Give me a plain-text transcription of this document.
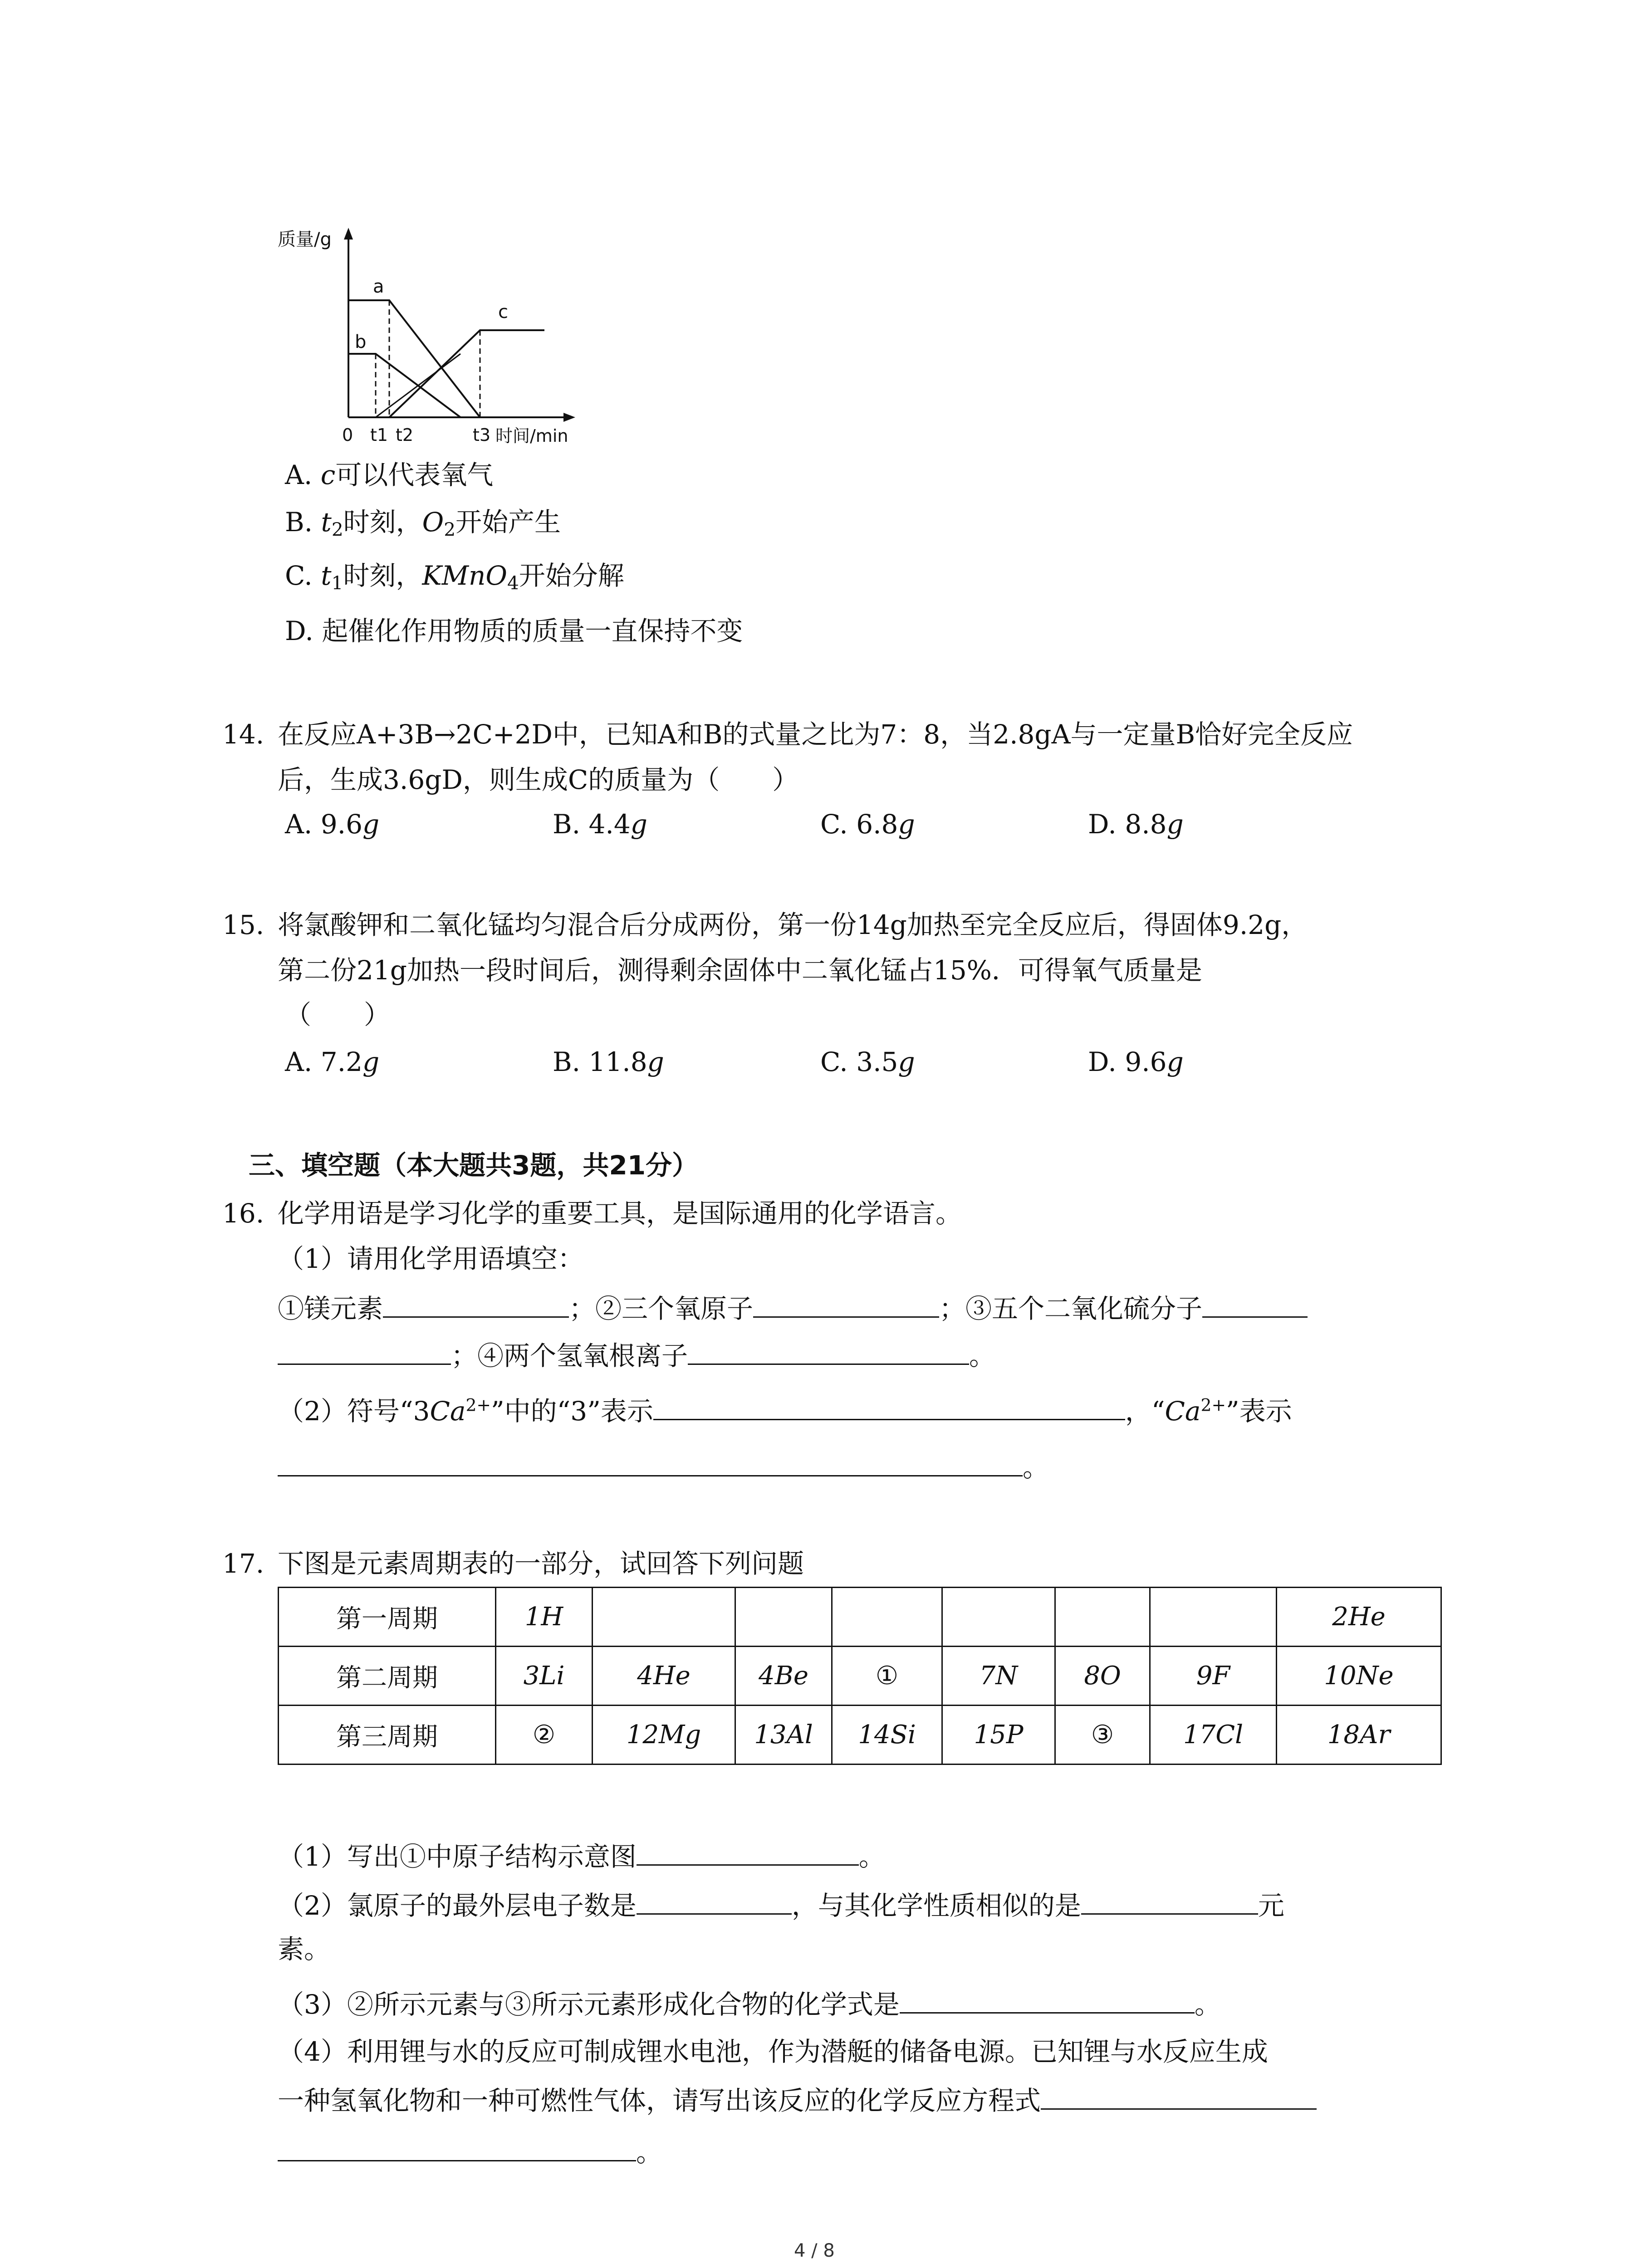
质量/g
a
b
c
0 t1 t2	t3 时间/min
A. c可以代表氧气
B. $t_2$时刻，$O_2$开始产生
C. $t_1$时刻，KMnO$_4$开始分解
D. 起催化作用物质的质量一直保持不变
14. 在反应A+3B→2C+2D中，已知A和B的式量之比为7：8，当2.8gA与一定量B恰好完全反应
后，生成3.6gD，则生成C的质量为（　　）
A. 9.6g	B. 4.4g	C. 6.8g	D. 8.8g
15. 将氯酸钾和二氧化锰均匀混合后分成两份，第一份14g加热至完全反应后，得固体9.2g，
第二份21g加热一段时间后，测得剩余固体中二氧化锰占15%．可得氧气质量是
（　　）
A. 7.2g	B. 11.8g	C. 3.5g	D. 9.6g
三、填空题（本大题共3题，共21分）
16. 化学用语是学习化学的重要工具，是国际通用的化学语言。
（1）请用化学用语填空：
①镁元素	；②三个氧原子	；③五个二氧化硫分子
；④两个氢氧根离子	。
（2）符号“$3Ca^{2+}$”中的“3”表示	，“$Ca^{2+}$”表示
。
17. 下图是元素周期表的一部分，试回答下列问题
第一周期	1H							2He
第二周期	3Li	4He	4Be	①	7N	8O	9F	10Ne
第三周期	②	12Mg	13Al	14Si	15P	③	17Cl	18Ar
（1）写出①中原子结构示意图	。
（2）氯原子的最外层电子数是	，与其化学性质相似的是	元
素。
（3）②所示元素与③所示元素形成化合物的化学式是	。
（4）利用锂与水的反应可制成锂水电池，作为潜艇的储备电源。已知锂与水反应生成
一种氢氧化物和一种可燃性气体，请写出该反应的化学反应方程式
。
4 / 8
